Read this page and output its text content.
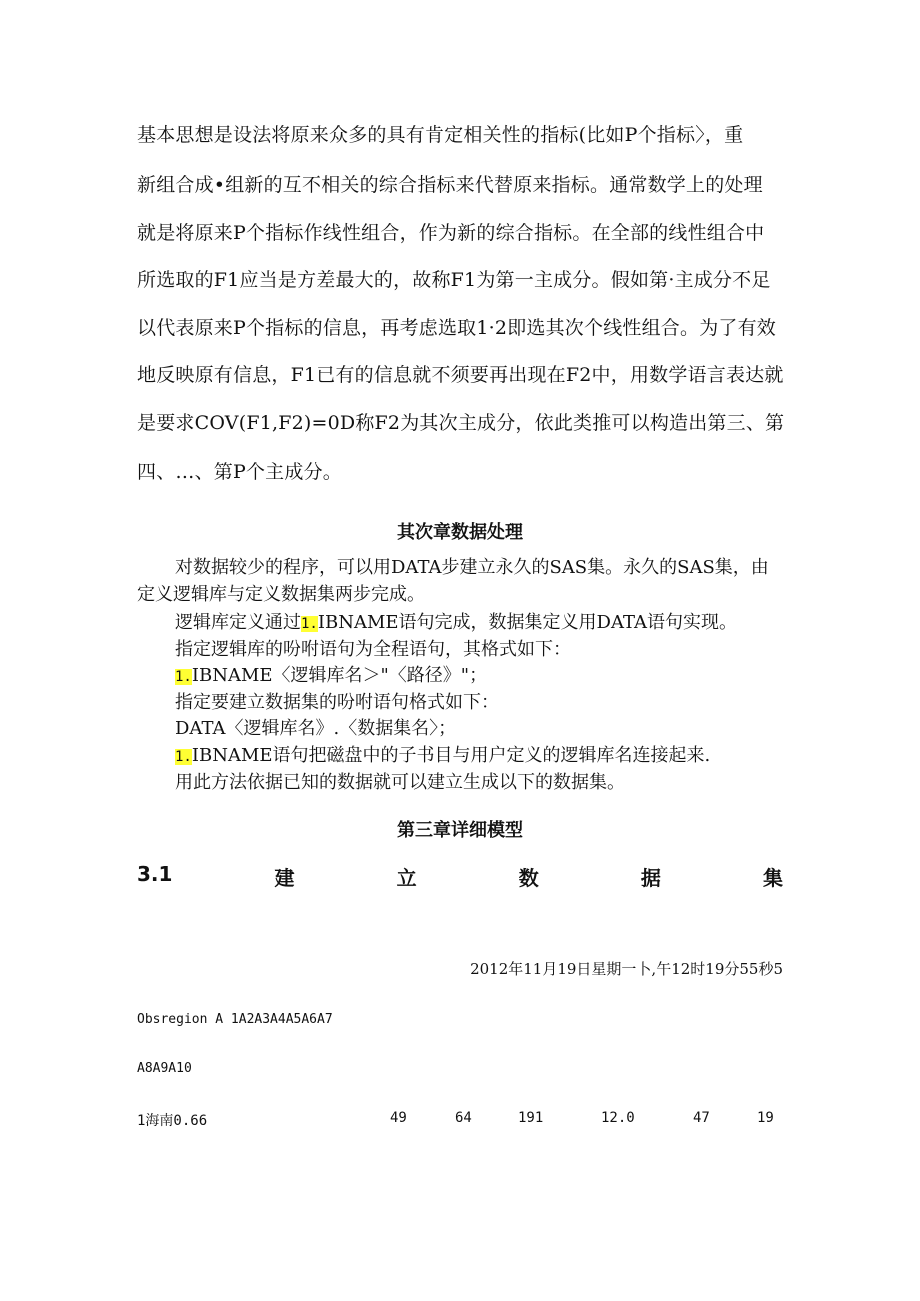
基本思想是设法将原来众多的具有肯定相关性的指标(比如P个指标〉，重
新组合成•组新的互不相关的综合指标来代替原来指标。通常数学上的处理
就是将原来P个指标作线性组合，作为新的综合指标。在全部的线性组合中
所选取的F1应当是方差最大的，故称F1为第一主成分。假如第·主成分不足
以代表原来P个指标的信息，再考虑选取1·2即选其次个线性组合。为了有效
地反映原有信息，F1已有的信息就不须要再出现在F2中，用数学语言表达就
是要求COV(F1,F2)=0D称F2为其次主成分，依此类推可以构造出第三、第
四、…、第P个主成分。
其次章数据处理
对数据较少的程序，可以用DATA步建立永久的SAS集。永久的SAS集，由
定义逻辑库与定义数据集两步完成。
逻辑库定义通过1.IBNAME语句完成，数据集定义用DATA语句实现。
指定逻辑库的吩咐语句为全程语句，其格式如下：
1.IBNAME〈逻辑库名＞"〈路径》"；
指定要建立数据集的吩咐语句格式如下：
DATA〈逻辑库名》.〈数据集名〉；
1.IBNAME语句把磁盘中的子书目与用户定义的逻辑库名连接起来.
用此方法依据已知的数据就可以建立生成以下的数据集。
第三章详细模型
3.1	建	立	数	据	集
2012年11月19日星期一卜,午12时19分55秒5
Obsregion A 1A2A3A4A5A6A7
A8A9A10
1海南0.66	49	64	191	12.0	47	19
